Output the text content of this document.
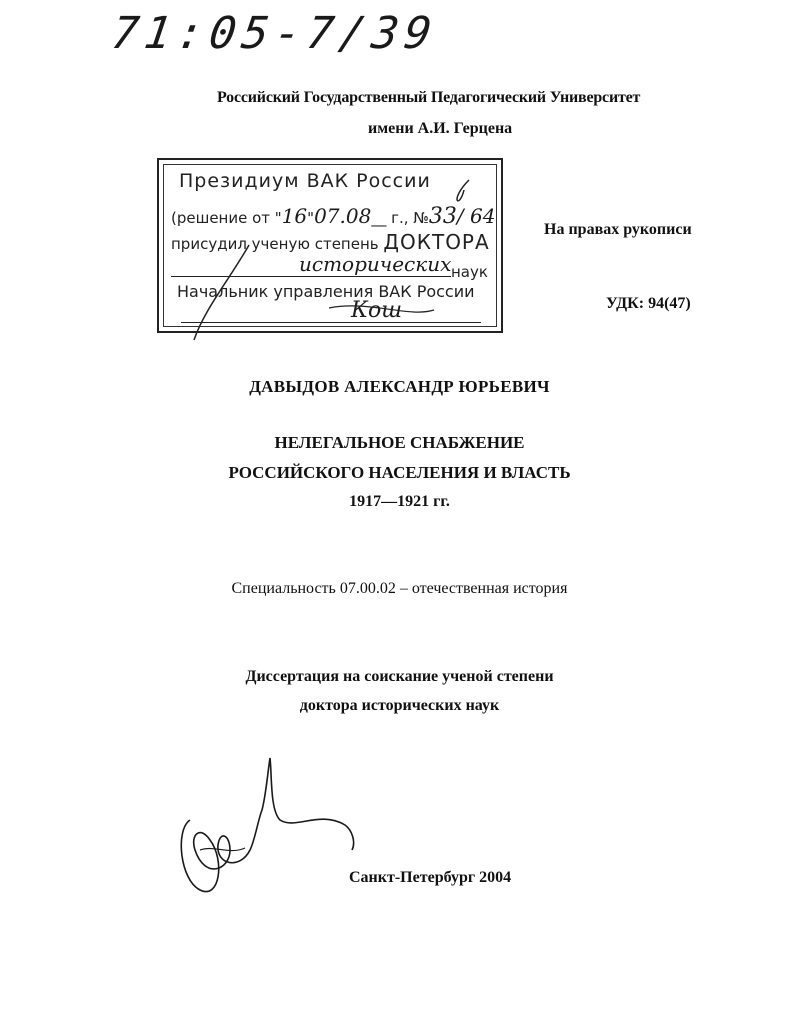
71:05-7/39
Российский Государственный Педагогический Университет
имени А.И. Герцена
Президиум ВАК России
(решение от "16"07.08__ г., №33/ 64
присудил ученую степень ДОКТОРА
исторических наук
Начальник управления ВАК России
Кош
На правах рукописи
УДК: 94(47)
ДАВЫДОВ АЛЕКСАНДР ЮРЬЕВИЧ
НЕЛЕГАЛЬНОЕ СНАБЖЕНИЕ
РОССИЙСКОГО НАСЕЛЕНИЯ И ВЛАСТЬ
1917—1921 гг.
Специальность 07.00.02 – отечественная история
Диссертация на соискание ученой степени
доктора исторических наук
Санкт-Петербург 2004
